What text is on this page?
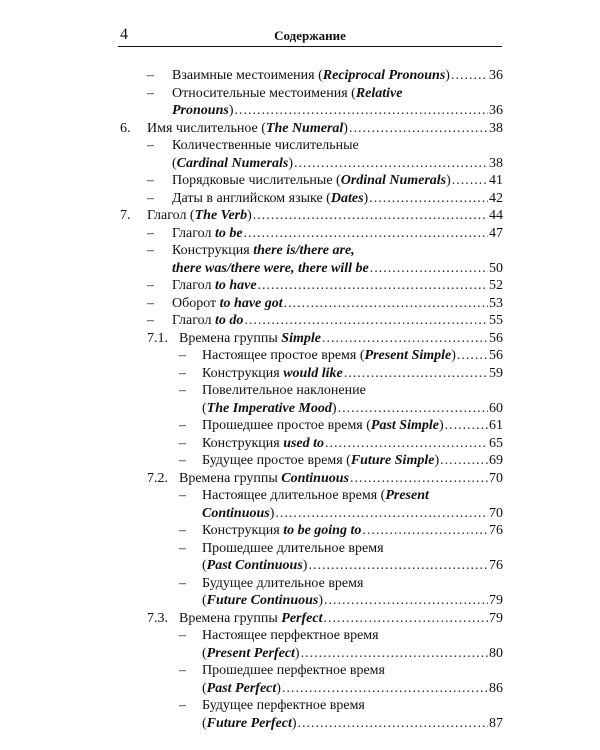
4	Содержание
– Взаимные местоимения (Reciprocal Pronouns) .....	36
– Относительные местоимения (Relative
Pronouns) .....	36
6. Имя числительное (The Numeral) .....	38
– Количественные числительные
(Cardinal Numerals) .....	38
– Порядковые числительные (Ordinal Numerals) .....	41
– Даты в английском языке (Dates) .....	42
7. Глагол (The Verb) .....	44
– Глагол to be .....	47
– Конструкция there is/there are,
there was/there were, there will be .....	50
– Глагол to have .....	52
– Оборот to have got .....	53
– Глагол to do .....	55
7.1. Времена группы Simple .....	56
– Настоящее простое время (Present Simple) ..... 56
– Конструкция would like .....	59
– Повелительное наклонение
(The Imperative Mood) .....	60
– Прошедшее простое время (Past Simple) .....	61
– Конструкция used to .....	65
– Будущее простое время (Future Simple) .....	69
7.2. Времена группы Continuous .....	70
– Настоящее длительное время (Present
Continuous) .....	70
– Конструкция to be going to .....	76
– Прошедшее длительное время
(Past Continuous) .....	76
– Будущее длительное время
(Future Continuous) .....	79
7.3. Времена группы Perfect .....	79
– Настоящее перфектное время
(Present Perfect) .....	80
– Прошедшее перфектное время
(Past Perfect) .....	86
– Будущее перфектное время
(Future Perfect) .....	87
